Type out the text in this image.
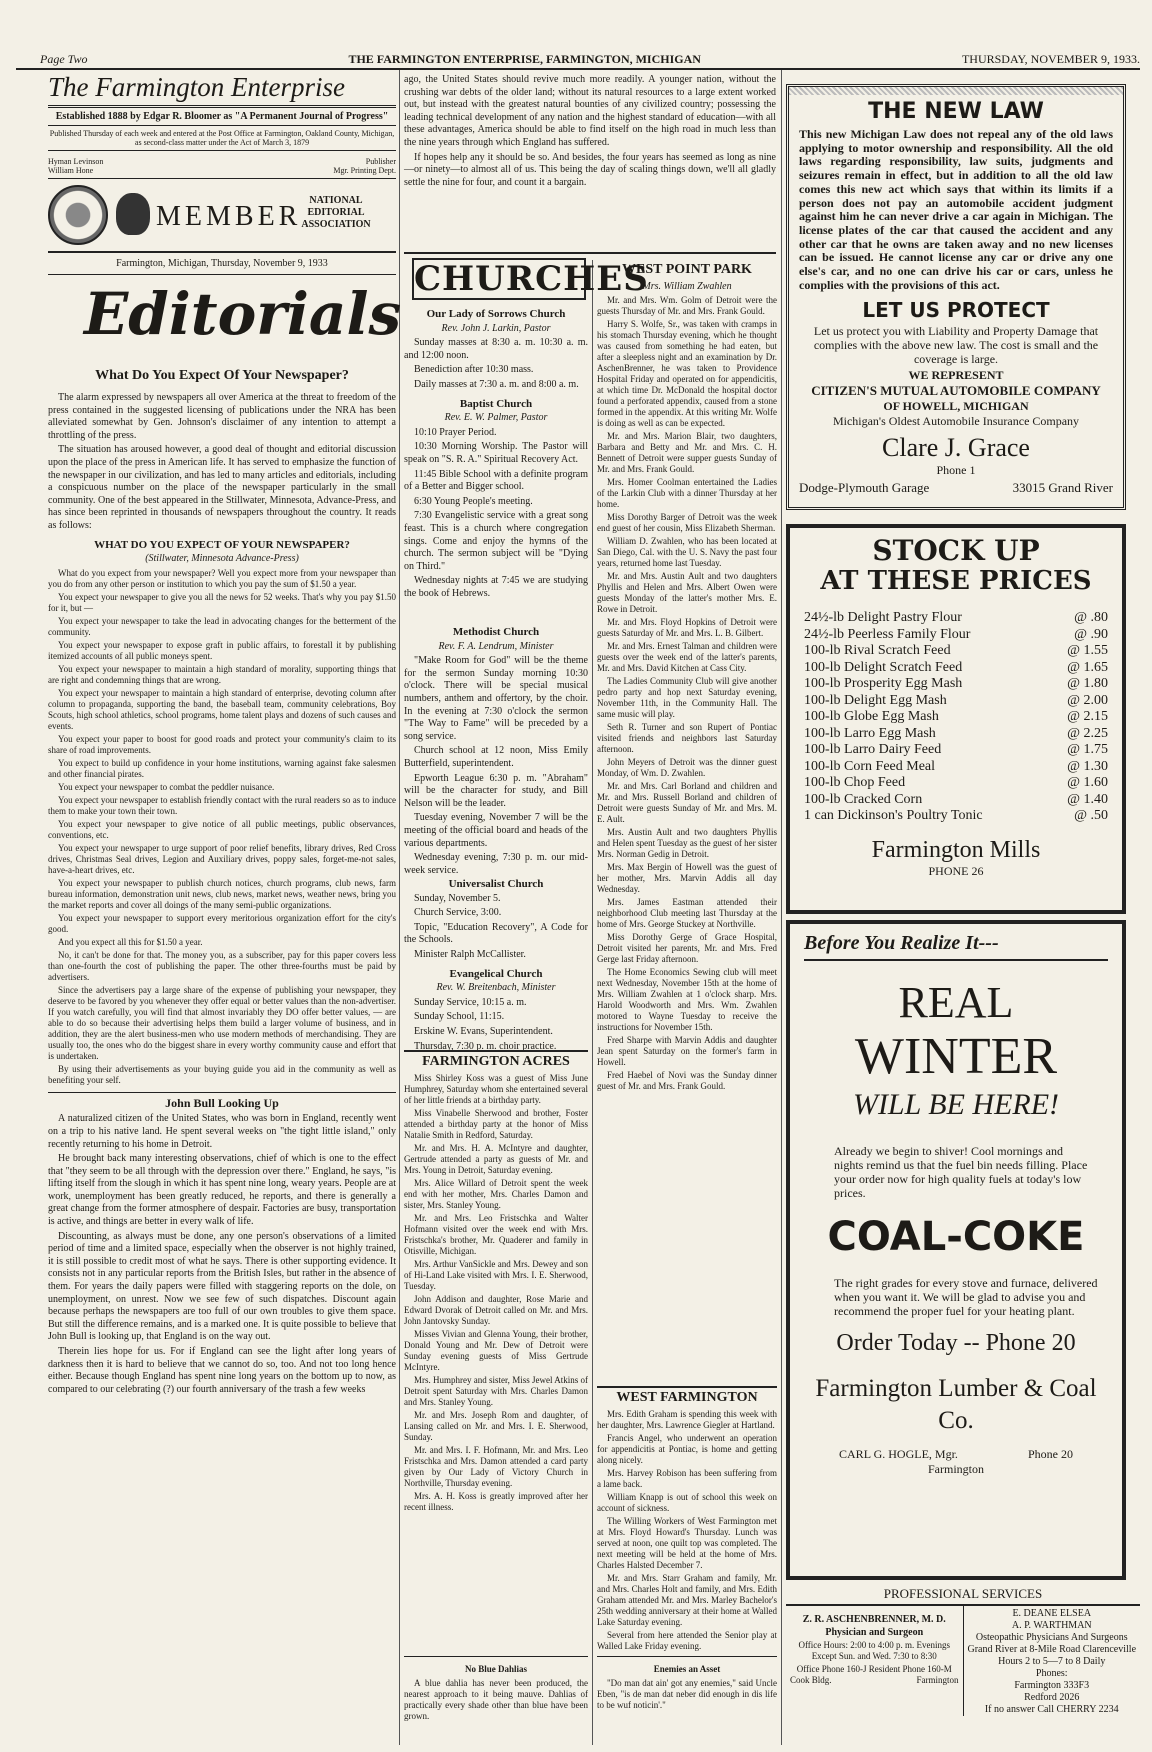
Page Two	THE FARMINGTON ENTERPRISE, FARMINGTON, MICHIGAN	THURSDAY, NOVEMBER 9, 1933.
The Farmington Enterprise
Established 1888 by Edgar R. Bloomer as "A Permanent Journal of Progress"
Published Thursday of each week and entered at the Post Office at Farmington, Oakland County, Michigan, as second-class matter under the Act of March 3, 1879
Hyman Levinson	Publisher
William Hone	Mgr. Printing Dept.
MEMBER
NATIONAL EDITORIAL ASSOCIATION
Farmington, Michigan, Thursday, November 9, 1933
Editorials
What Do You Expect Of Your Newspaper?

The alarm expressed by newspapers all over America at the threat to freedom of the press contained in the suggested licensing of publications under the NRA has been alleviated somewhat by Gen. Johnson's disclaimer of any intention to attempt a throttling of the press.

The situation has aroused however, a good deal of thought and editorial discussion upon the place of the press in American life. It has served to emphasize the function of the newspaper in our civilization, and has led to many articles and editorials, including a conspicuous number on the place of the newspaper particularly in the small community. One of the best appeared in the Stillwater, Minnesota, Advance-Press, and has since been reprinted in thousands of newspapers throughout the country. It reads as follows:

WHAT DO YOU EXPECT OF YOUR NEWSPAPER?
(Stillwater, Minnesota Advance-Press)

What do you expect from your newspaper? Well you expect more from your newspaper than you do from any other person or institution to which you pay the sum of $1.50 a year.

You expect your newspaper to give you all the news for 52 weeks. That's why you pay $1.50 for it, but —

You expect your newspaper to take the lead in advocating changes for the betterment of the community.

You expect your newspaper to expose graft in public affairs, to forestall it by publishing itemized accounts of all public moneys spent.

You expect your newspaper to maintain a high standard of morality, supporting things that are right and condemning things that are wrong.

You expect your newspaper to maintain a high standard of enterprise, devoting column after column to propaganda, supporting the band, the baseball team, community celebrations, Boy Scouts, high school athletics, school programs, home talent plays and dozens of such causes and events.

You expect your paper to boost for good roads and protect your community's claim to its share of road improvements.

You expect to build up confidence in your home institutions, warning against fake salesmen and other financial pirates.

You expect your newspaper to combat the peddler nuisance.

You expect your newspaper to establish friendly contact with the rural readers so as to induce them to make your town their town.

You expect your newspaper to give notice of all public meetings, public observances, conventions, etc.

You expect your newspaper to urge support of poor relief benefits, library drives, Red Cross drives, Christmas Seal drives, Legion and Auxiliary drives, poppy sales, forget-me-not sales, have-a-heart drives, etc.

You expect your newspaper to publish church notices, church programs, club news, farm bureau information, demonstration unit news, club news, market news, weather news, bring you the market reports and cover all doings of the many semi-public organizations.

You expect your newspaper to support every meritorious organization effort for the city's good.

And you expect all this for $1.50 a year.

No, it can't be done for that. The money you, as a subscriber, pay for this paper covers less than one-fourth the cost of publishing the paper. The other three-fourths must be paid by advertisers.

Since the advertisers pay a large share of the expense of publishing your newspaper, they deserve to be favored by you whenever they offer equal or better values than the non-advertiser. If you watch carefully, you will find that almost invariably they DO offer better values, — are able to do so because their advertising helps them build a larger volume of business, and in addition, they are the alert business-men who use modern methods of merchandising. They are usually too, the ones who do the biggest share in every worthy community cause and effort that is undertaken.

By using their advertisements as your buying guide you aid in the community as well as benefiting your self.

John Bull Looking Up

A naturalized citizen of the United States, who was born in England, recently went on a trip to his native land. He spent several weeks on "the tight little island," only recently returning to his home in Detroit.

He brought back many interesting observations, chief of which is one to the effect that "they seem to be all through with the depression over there." England, he says, "is lifting itself from the slough in which it has spent nine long, weary years. People are at work, unemployment has been greatly reduced, he reports, and there is generally a great change from the former atmosphere of despair. Factories are busy, transportation is active, and things are better in every walk of life.

Discounting, as always must be done, any one person's observations of a limited period of time and a limited space, especially when the observer is not highly trained, it is still possible to credit most of what he says. There is other supporting evidence. It consists not in any particular reports from the British Isles, but rather in the absence of them. For years the daily papers were filled with staggering reports on the dole, on unemployment, on unrest. Now we see few of such dispatches. Discount again because perhaps the newspapers are too full of our own troubles to give them space. But still the difference remains, and is a marked one. It is quite possible to believe that John Bull is looking up, that England is on the way out.

Therein lies hope for us. For if England can see the light after long years of darkness then it is hard to believe that we cannot do so, too. And not too long hence either. Because though England has spent nine long years on the bottom up to now, as compared to our celebrating (?) our fourth anniversary of the trash a few weeks

ago, the United States should revive much more readily. A younger nation, without the crushing war debts of the older land; without its natural resources to a large extent worked out, but instead with the greatest natural bounties of any civilized country; possessing the leading technical development of any nation and the highest standard of education—with all these advantages, America should be able to find itself on the high road in much less than the nine years through which England has suffered.

If hopes help any it should be so. And besides, the four years has seemed as long as nine—or ninety—to almost all of us. This being the day of scaling things down, we'll all gladly settle the nine for four, and count it a bargain.

CHURCHES
Our Lady of Sorrows Church
Rev. John J. Larkin, Pastor

Sunday masses at 8:30 a. m. 10:30 a. m. and 12:00 noon.

Benediction after 10:30 mass.

Daily masses at 7:30 a. m. and 8:00 a. m.

Baptist Church
Rev. E. W. Palmer, Pastor

10:10 Prayer Period.

10:30 Morning Worship. The Pastor will speak on "S. R. A." Spiritual Recovery Act.

11:45 Bible School with a definite program of a Better and Bigger school.

6:30 Young People's meeting.

7:30 Evangelistic service with a great song feast. This is a church where congregation sings. Come and enjoy the hymns of the church. The sermon subject will be "Dying on Third."

Wednesday nights at 7:45 we are studying the book of Hebrews.

Methodist Church
Rev. F. A. Lendrum, Minister

"Make Room for God" will be the theme for the sermon Sunday morning 10:30 o'clock. There will be special musical numbers, anthem and offertory, by the choir. In the evening at 7:30 o'clock the sermon "The Way to Fame" will be preceded by a song service.

Church school at 12 noon, Miss Emily Butterfield, superintendent.

Epworth League 6:30 p. m. "Abraham" will be the character for study, and Bill Nelson will be the leader.

Tuesday evening, November 7 will be the meeting of the official board and heads of the various departments.

Wednesday evening, 7:30 p. m. our mid-week service.

Universalist Church

Sunday, November 5.

Church Service, 3:00.

Topic, "Education Recovery", A Code for the Schools.

Minister Ralph McCallister.

Evangelical Church
Rev. W. Breitenbach, Minister

Sunday Service, 10:15 a. m.

Sunday School, 11:15.

Erskine W. Evans, Superintendent.

Thursday, 7:30 p. m. choir practice.

FARMINGTON ACRES

Miss Shirley Koss was a guest of Miss June Humphrey, Saturday whom she entertained several of her little friends at a birthday party.

Miss Vinabelle Sherwood and brother, Foster attended a birthday party at the honor of Miss Natalie Smith in Redford, Saturday.

Mr. and Mrs. H. A. McIntyre and daughter, Gertrude attended a party as guests of Mr. and Mrs. Young in Detroit, Saturday evening.

Mrs. Alice Willard of Detroit spent the week end with her mother, Mrs. Charles Damon and sister, Mrs. Stanley Young.

Mr. and Mrs. Leo Fristschka and Walter Hofmann visited over the week end with Mrs. Fristschka's brother, Mr. Quaderer and family in Otisville, Michigan.

Mrs. Arthur VanSickle and Mrs. Dewey and son of Hi-Land Lake visited with Mrs. I. E. Sherwood, Tuesday.

John Addison and daughter, Rose Marie and Edward Dvorak of Detroit called on Mr. and Mrs. John Jantovsky Sunday.

Misses Vivian and Glenna Young, their brother, Donald Young and Mr. Dew of Detroit were Sunday evening guests of Miss Gertrude McIntyre.

Mrs. Humphrey and sister, Miss Jewel Atkins of Detroit spent Saturday with Mrs. Charles Damon and Mrs. Stanley Young.

Mr. and Mrs. Joseph Rom and daughter, of Lansing called on Mr. and Mrs. I. E. Sherwood, Sunday.

Mr. and Mrs. I. F. Hofmann, Mr. and Mrs. Leo Fristschka and Mrs. Damon attended a card party given by Our Lady of Victory Church in Northville, Thursday evening.

Mrs. A. H. Koss is greatly improved after her recent illness.

No Blue Dahlias

A blue dahlia has never been produced, the nearest approach to it being mauve. Dahlias of practically every shade other than blue have been grown.

WEST POINT PARK
Mrs. William Zwahlen

Mr. and Mrs. Wm. Golm of Detroit were the guests Thursday of Mr. and Mrs. Frank Gould.

Harry S. Wolfe, Sr., was taken with cramps in his stomach Thursday evening, which he thought was caused from something he had eaten, but after a sleepless night and an examination by Dr. AschenBrenner, he was taken to Providence Hospital Friday and operated on for appendicitis, at which time Dr. McDonald the hospital doctor found a perforated appendix, caused from a stone formed in the appendix. At this writing Mr. Wolfe is doing as well as can be expected.

Mr. and Mrs. Marion Blair, two daughters, Barbara and Betty and Mr. and Mrs. C. H. Bennett of Detroit were supper guests Sunday of Mr. and Mrs. Frank Gould.

Mrs. Homer Coolman entertained the Ladies of the Larkin Club with a dinner Thursday at her home.

Miss Dorothy Barger of Detroit was the week end guest of her cousin, Miss Elizabeth Sherman.

William D. Zwahlen, who has been located at San Diego, Cal. with the U. S. Navy the past four years, returned home last Tuesday.

Mr. and Mrs. Austin Ault and two daughters Phyllis and Helen and Mrs. Albert Owen were guests Monday of the latter's mother Mrs. E. Rowe in Detroit.

Mr. and Mrs. Floyd Hopkins of Detroit were guests Saturday of Mr. and Mrs. L. B. Gilbert.

Mr. and Mrs. Ernest Talman and children were guests over the week end of the latter's parents, Mr. and Mrs. David Kitchen at Cass City.

The Ladies Community Club will give another pedro party and hop next Saturday evening, November 11th, in the Community Hall. The same music will play.

Seth R. Turner and son Rupert of Pontiac visited friends and neighbors last Saturday afternoon.

John Meyers of Detroit was the dinner guest Monday, of Wm. D. Zwahlen.

Mr. and Mrs. Carl Borland and children and Mr. and Mrs. Russell Borland and children of Detroit were guests Sunday of Mr. and Mrs. M. E. Ault.

Mrs. Austin Ault and two daughters Phyllis and Helen spent Tuesday as the guest of her sister Mrs. Norman Gedig in Detroit.

Mrs. Max Bergin of Howell was the guest of her mother, Mrs. Marvin Addis all day Wednesday.

Mrs. James Eastman attended their neighborhood Club meeting last Thursday at the home of Mrs. George Stuckey at Northville.

Miss Dorothy Gerge of Grace Hospital, Detroit visited her parents, Mr. and Mrs. Fred Gerge last Friday afternoon.

The Home Economics Sewing club will meet next Wednesday, November 15th at the home of Mrs. William Zwahlen at 1 o'clock sharp. Mrs. Harold Woodworth and Mrs. Wm. Zwahlen motored to Wayne Tuesday to receive the instructions for November 15th.

Fred Sharpe with Marvin Addis and daughter Jean spent Saturday on the former's farm in Howell.

Fred Haebel of Novi was the Sunday dinner guest of Mr. and Mrs. Frank Gould.

WEST FARMINGTON

Mrs. Edith Graham is spending this week with her daughter, Mrs. Lawrence Giegler at Hartland.

Francis Angel, who underwent an operation for appendicitis at Pontiac, is home and getting along nicely.

Mrs. Harvey Robison has been suffering from a lame back.

William Knapp is out of school this week on account of sickness.

The Willing Workers of West Farmington met at Mrs. Floyd Howard's Thursday. Lunch was served at noon, one quilt top was completed. The next meeting will be held at the home of Mrs. Charles Halsted December 7.

Mr. and Mrs. Starr Graham and family, Mr. and Mrs. Charles Holt and family, and Mrs. Edith Graham attended Mr. and Mrs. Marley Bachelor's 25th wedding anniversary at their home at Walled Lake Saturday evening.

Several from here attended the Senior play at Walled Lake Friday evening.

Enemies an Asset

"Do man dat ain' got any enemies," said Uncle Eben, "is de man dat neber did enough in dis life to be wuf noticin'."

THE NEW LAW
This new Michigan Law does not repeal any of the old laws applying to motor ownership and responsibility. All the old laws regarding responsibility, law suits, judgments and seizures remain in effect, but in addition to all the old law comes this new act which says that within its limits if a person does not pay an automobile accident judgment against him he can never drive a car again in Michigan. The license plates of the car that caused the accident and any other car that he owns are taken away and no new licenses can be issued. He cannot license any car or drive any one else's car, and no one can drive his car or cars, unless he complies with the provisions of this act.
LET US PROTECT
Let us protect you with Liability and Property Damage that complies with the above new law. The cost is small and the coverage is large.
WE REPRESENT
CITIZEN'S MUTUAL AUTOMOBILE COMPANY
OF HOWELL, MICHIGAN
Michigan's Oldest Automobile Insurance Company
Clare J. Grace
Phone 1
Dodge-Plymouth Garage	33015 Grand River
STOCK UP
AT THESE PRICES
24½-lb Delight Pastry Flour	@ .80
24½-lb Peerless Family Flour	@ .90
100-lb Rival Scratch Feed	@ 1.55
100-lb Delight Scratch Feed	@ 1.65
100-lb Prosperity Egg Mash	@ 1.80
100-lb Delight Egg Mash	@ 2.00
100-lb Globe Egg Mash	@ 2.15
100-lb Larro Egg Mash	@ 2.25
100-lb Larro Dairy Feed	@ 1.75
100-lb Corn Feed Meal	@ 1.30
100-lb Chop Feed	@ 1.60
100-lb Cracked Corn	@ 1.40
1 can Dickinson's Poultry Tonic	@ .50
Farmington Mills
PHONE 26
Before You Realize It---
REAL
WINTER
WILL BE HERE!
Already we begin to shiver! Cool mornings and nights remind us that the fuel bin needs filling. Place your order now for high quality fuels at today's low prices.
COAL-COKE
The right grades for every stove and furnace, delivered when you want it. We will be glad to advise you and recommend the proper fuel for your heating plant.
Order Today -- Phone 20
Farmington Lumber & Coal Co.
CARL G. HOGLE, Mgr.	Phone 20
Farmington
PROFESSIONAL SERVICES
Z. R. ASCHENBRENNER, M. D.
Physician and Surgeon
Office Hours: 2:00 to 4:00 p. m. Evenings Except Sun. and Wed. 7:30 to 8:30
Office Phone 160-J Resident Phone 160-M
Cook Bldg.	Farmington
E. DEANE ELSEA
A. P. WARTHMAN
Osteopathic Physicians And Surgeons
Grand River at 8-Mile Road Clarenceville
Hours 2 to 5—7 to 8 Daily
Phones:
Farmington 333F3
Redford 2026
If no answer Call CHERRY 2234
